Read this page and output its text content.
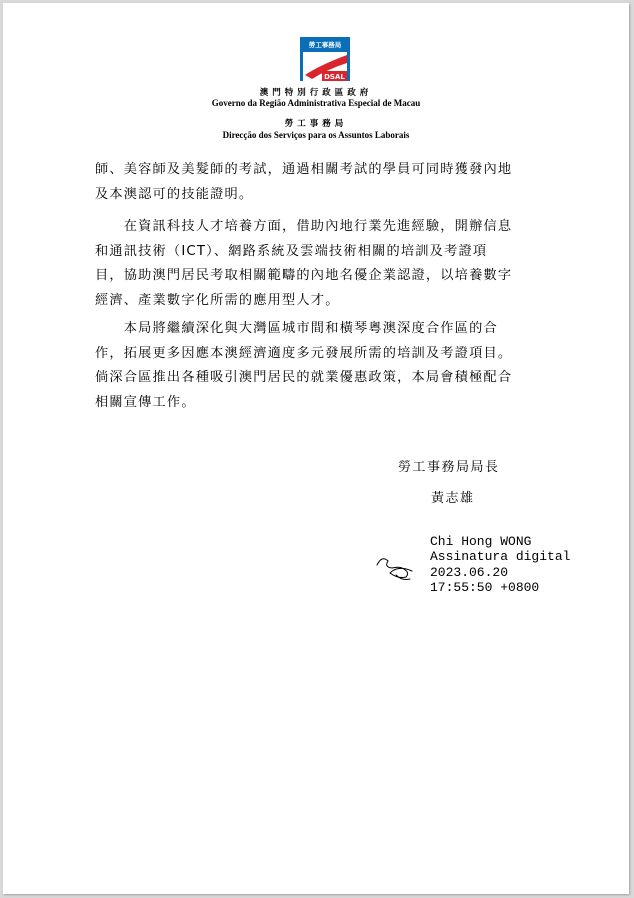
勞工事務局
DSAL
澳門特別行政區政府
Governo da Região Administrativa Especial de Macau
勞工事務局
Direcção dos Serviços para os Assuntos Laborais
師、美容師及美髮師的考試，通過相關考試的學員可同時獲發內地
及本澳認可的技能證明。
　　在資訊科技人才培養方面，借助內地行業先進經驗，開辦信息
和通訊技術（ICT）、網路系統及雲端技術相關的培訓及考證項
目，協助澳門居民考取相關範疇的內地名優企業認證，以培養數字
經濟、產業數字化所需的應用型人才。
　　本局將繼續深化與大灣區城市間和橫琴粵澳深度合作區的合
作，拓展更多因應本澳經濟適度多元發展所需的培訓及考證項目。
倘深合區推出各種吸引澳門居民的就業優惠政策，本局會積極配合
相關宣傳工作。
勞工事務局局長
黃志雄
Chi Hong WONG
Assinatura digital
2023.06.20
17:55:50 +0800
